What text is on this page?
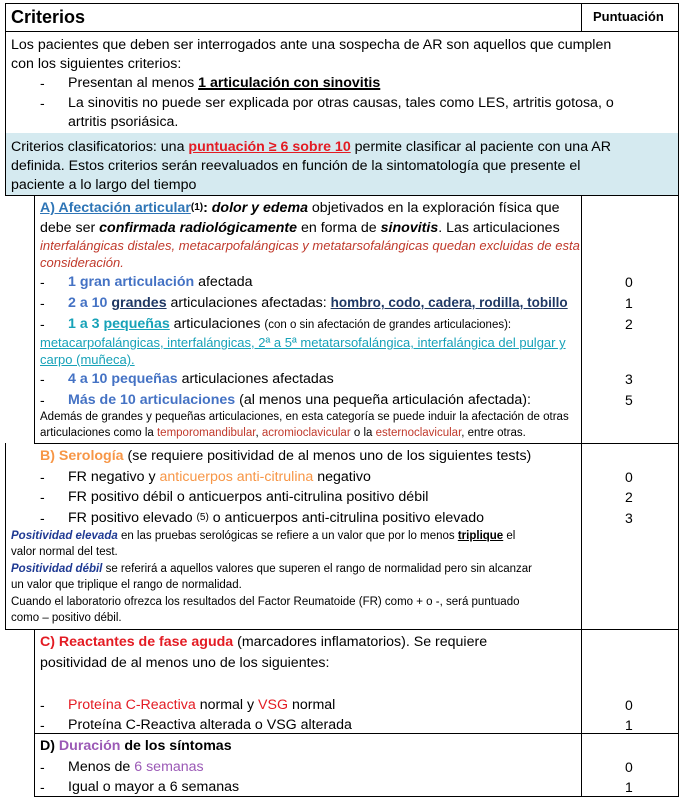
Criterios	Puntuación
Los pacientes que deben ser interrogados ante una sospecha de AR son aquellos que cumplen
con los siguientes criterios:
- Presentan al menos 1 articulación con sinovitis
- La sinovitis no puede ser explicada por otras causas, tales como LES, artritis gotosa, o
artritis psoriásica.
Criterios clasificatorios: una puntuación ≥ 6 sobre 10 permite clasificar al paciente con una AR
definida. Estos criterios serán reevaluados en función de la sintomatología que presente el
paciente a lo largo del tiempo
A) Afectación articular$^{(1)}$: dolor y edema objetivados en la exploración física que
debe ser confirmada radiológicamente en forma de sinovitis. Las articulaciones
interfalángicas distales, metacarpofalángicas y metatarsofalángicas quedan excluidas de esta
consideración.
- 1 gran articulación afectada	0
- 2 a 10 grandes articulaciones afectadas: hombro, codo, cadera, rodilla, tobillo	1
- 1 a 3 pequeñas articulaciones (con o sin afectación de grandes articulaciones):	2
metacarpofalángicas, interfalángicas, 2ª a 5ª metatarsofalángica, interfalángica del pulgar y
carpo (muñeca).
- 4 a 10 pequeñas articulaciones afectadas	3
- Más de 10 articulaciones (al menos una pequeña articulación afectada):	5
Además de grandes y pequeñas articulaciones, en esta categoría se puede induir la afectación de otras
articulaciones como la temporomandibular, acromioclavicular o la esternoclavicular, entre otras.
B) Serología (se requiere positividad de al menos uno de los siguientes tests)
- FR negativo y anticuerpos anti-citrulina negativo	0
- FR positivo débil o anticuerpos anti-citrulina positivo débil	2
- FR positivo elevado $^{(5)}$ o anticuerpos anti-citrulina positivo elevado	3
Positividad elevada en las pruebas serológicas se refiere a un valor que por lo menos triplique el
valor normal del test.
Positividad débil se referirá a aquellos valores que superen el rango de normalidad pero sin alcanzar
un valor que triplique el rango de normalidad.
Cuando el laboratorio ofrezca los resultados del Factor Reumatoide (FR) como + o -, será puntuado
como – positivo débil.
C) Reactantes de fase aguda (marcadores inflamatorios). Se requiere
positividad de al menos uno de los siguientes:
- Proteína C-Reactiva normal y VSG normal	0
- Proteína C-Reactiva alterada o VSG alterada	1
D) Duración de los síntomas
- Menos de 6 semanas	0
- Igual o mayor a 6 semanas	1
